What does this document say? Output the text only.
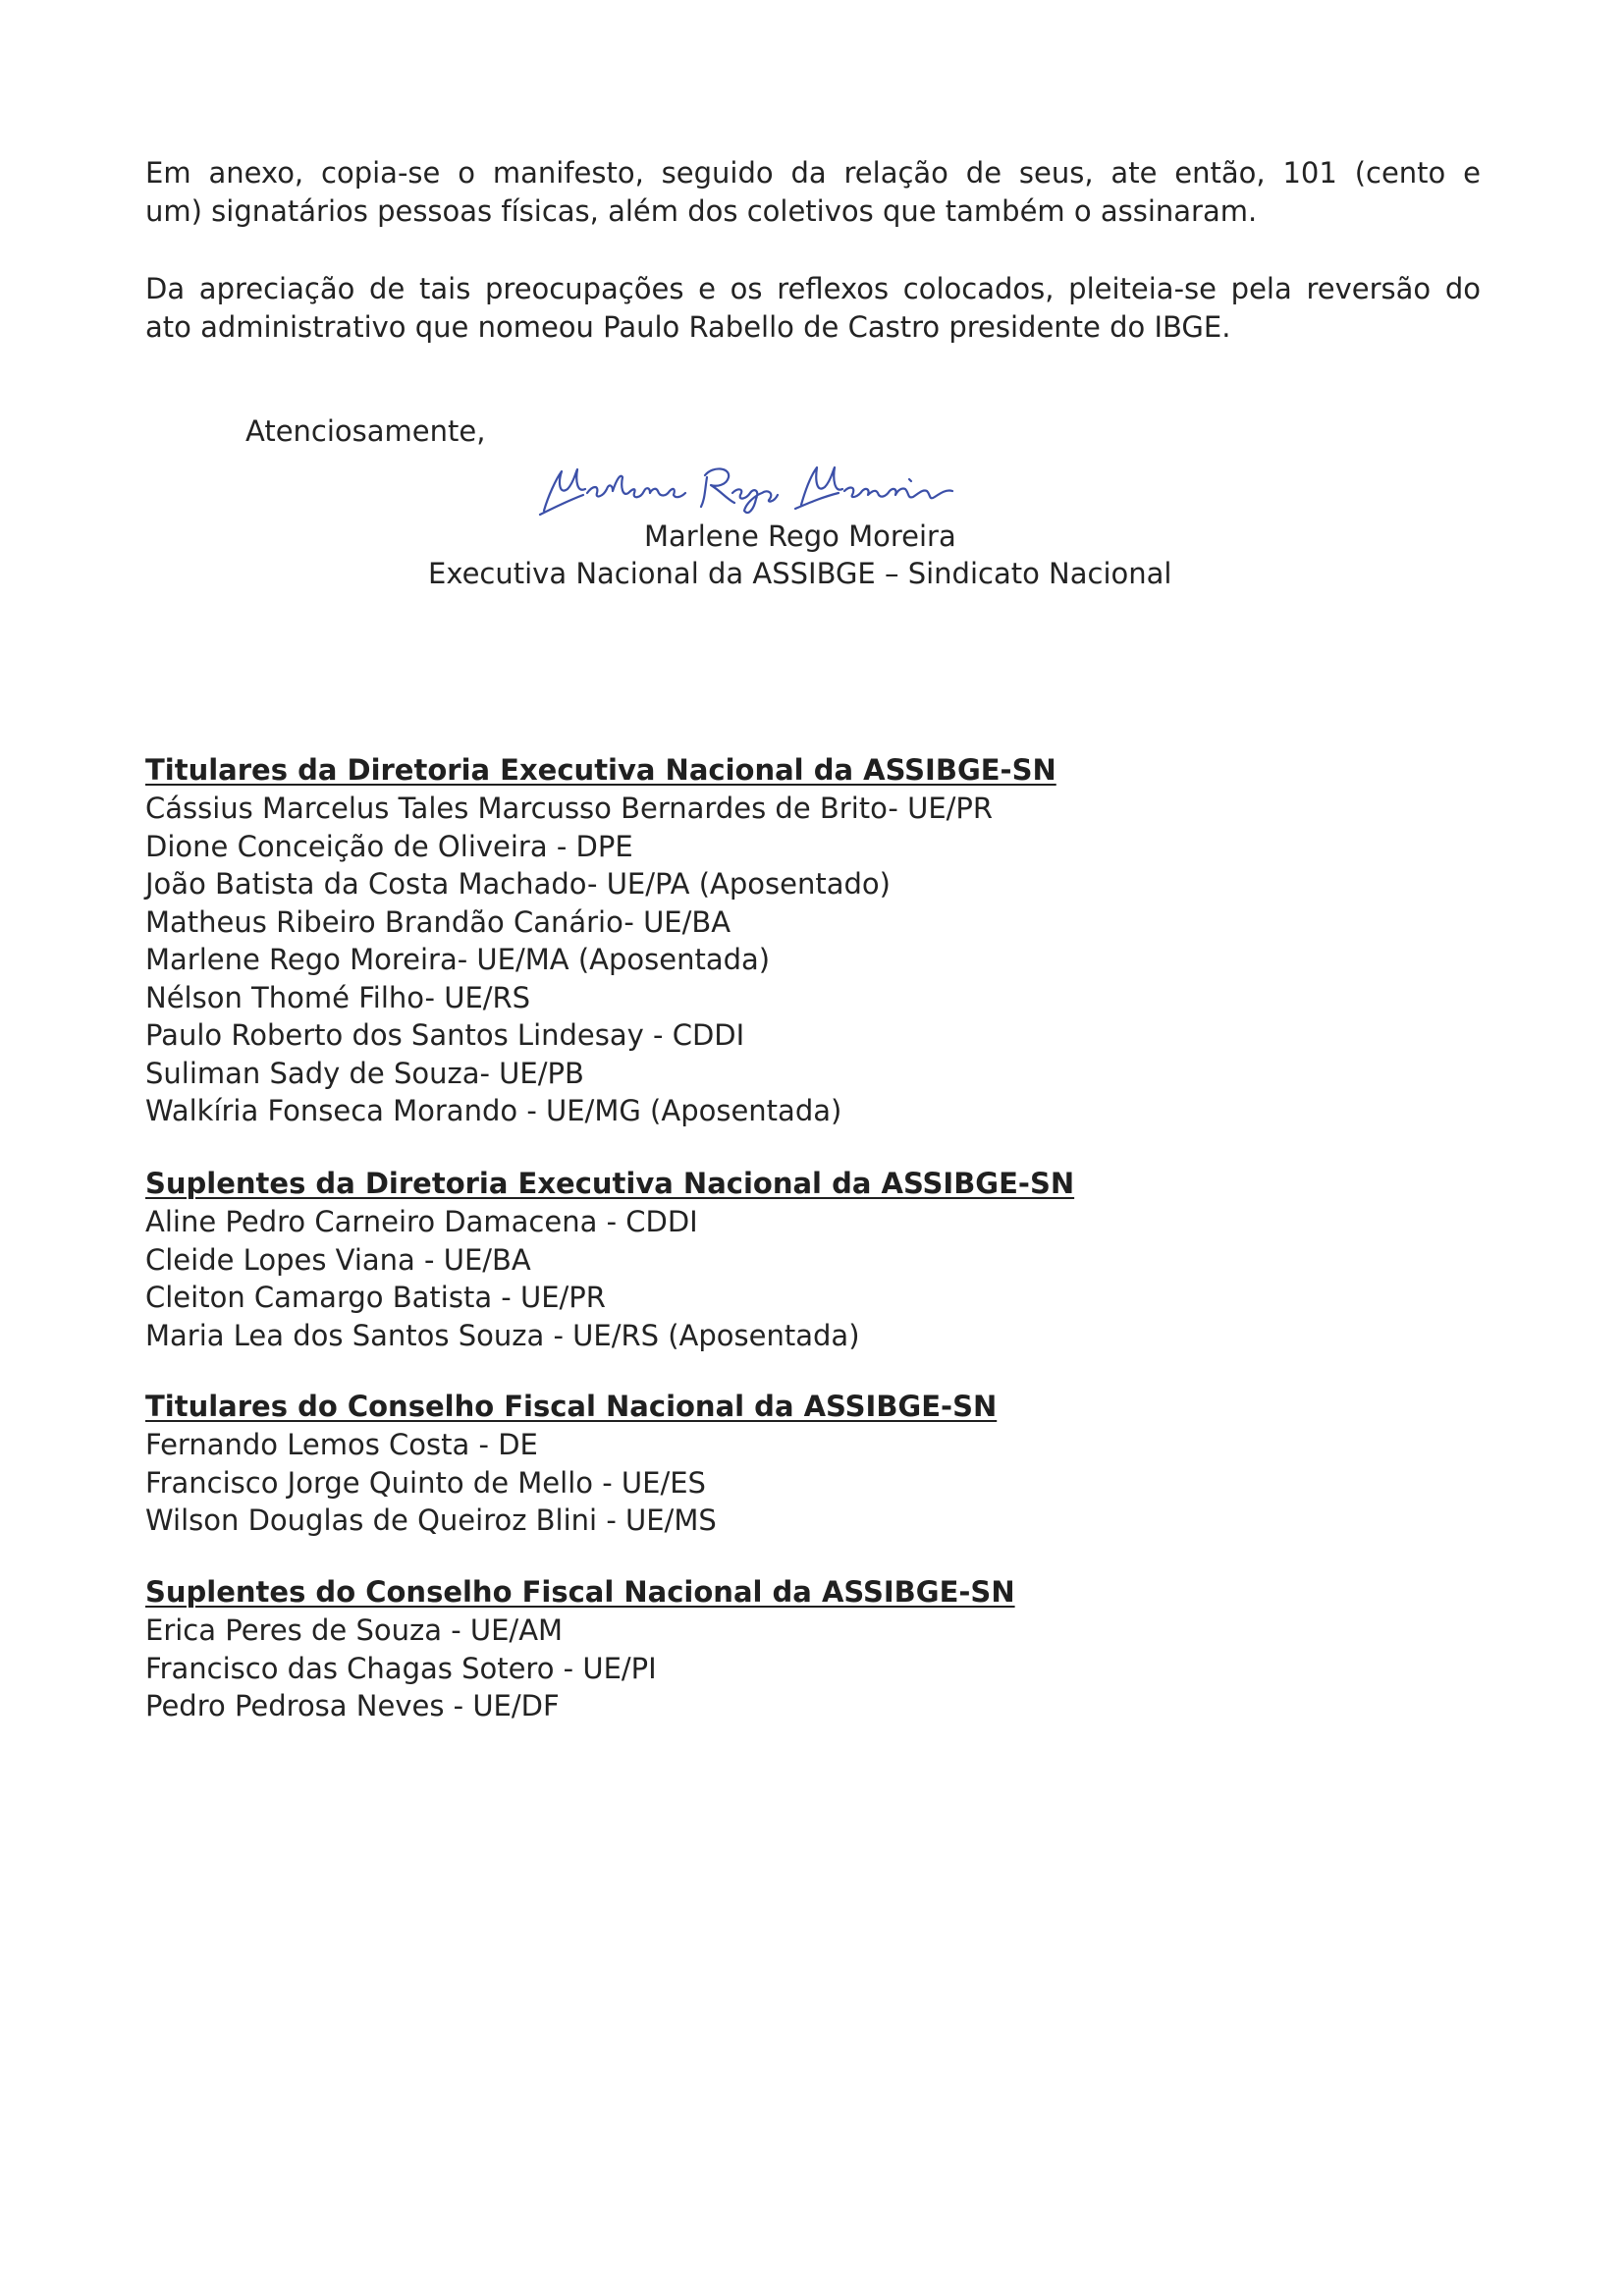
Em anexo, copia-se o manifesto, seguido da relação de seus, ate então, 101 (cento e
um) signatários pessoas físicas, além dos coletivos que também o assinaram.

Da apreciação de tais preocupações e os reflexos colocados, pleiteia-se pela reversão do
ato administrativo que nomeou Paulo Rabello de Castro presidente do IBGE.

Atenciosamente,

Marlene Rego Moreira

Executiva Nacional da ASSIBGE – Sindicato Nacional

Titulares da Diretoria Executiva Nacional da ASSIBGE-SN
Cássius Marcelus Tales Marcusso Bernardes de Brito- UE/PR
Dione Conceição de Oliveira - DPE
João Batista da Costa Machado- UE/PA (Aposentado)
Matheus Ribeiro Brandão Canário- UE/BA
Marlene Rego Moreira- UE/MA (Aposentada)
Nélson Thomé Filho- UE/RS
Paulo Roberto dos Santos Lindesay - CDDI
Suliman Sady de Souza- UE/PB
Walkíria Fonseca Morando - UE/MG (Aposentada)
Suplentes da Diretoria Executiva Nacional da ASSIBGE-SN
Aline Pedro Carneiro Damacena - CDDI
Cleide Lopes Viana - UE/BA
Cleiton Camargo Batista - UE/PR
Maria Lea dos Santos Souza - UE/RS (Aposentada)
Titulares do Conselho Fiscal Nacional da ASSIBGE-SN
Fernando Lemos Costa - DE
Francisco Jorge Quinto de Mello - UE/ES
Wilson Douglas de Queiroz Blini - UE/MS
Suplentes do Conselho Fiscal Nacional da ASSIBGE-SN
Erica Peres de Souza - UE/AM
Francisco das Chagas Sotero - UE/PI
Pedro Pedrosa Neves - UE/DF
